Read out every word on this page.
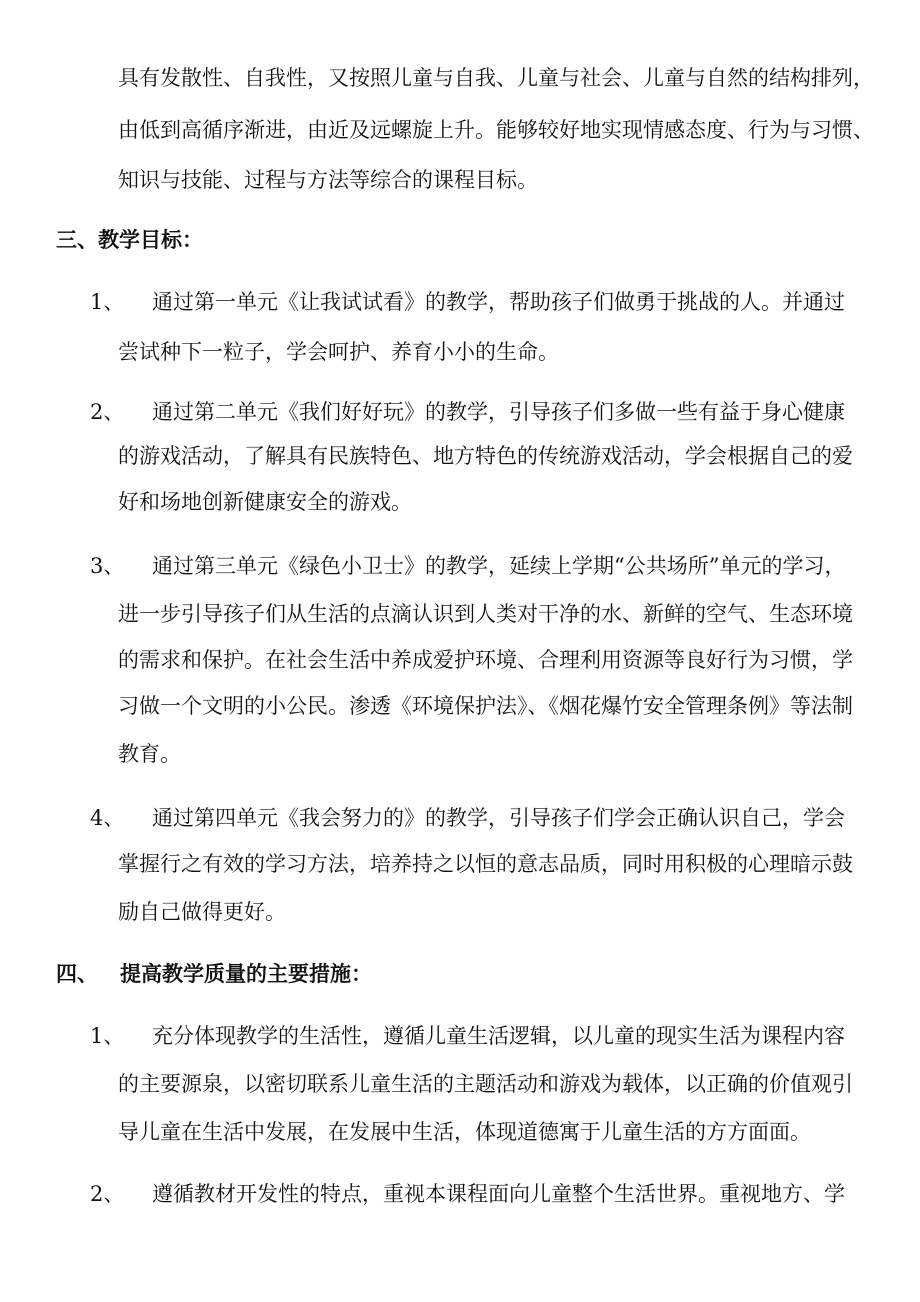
具有发散性、自我性，又按照儿童与自我、儿童与社会、儿童与自然的结构排列，
由低到高循序渐进，由近及远螺旋上升。能够较好地实现情感态度、行为与习惯、
知识与技能、过程与方法等综合的课程目标。
三、教学目标：
1、 通过第一单元《让我试试看》的教学，帮助孩子们做勇于挑战的人。并通过
尝试种下一粒子，学会呵护、养育小小的生命。
2、 通过第二单元《我们好好玩》的教学，引导孩子们多做一些有益于身心健康
的游戏活动，了解具有民族特色、地方特色的传统游戏活动，学会根据自己的爱
好和场地创新健康安全的游戏。
3、 通过第三单元《绿色小卫士》的教学，延续上学期“公共场所”单元的学习，
进一步引导孩子们从生活的点滴认识到人类对干净的水、新鲜的空气、生态环境
的需求和保护。在社会生活中养成爱护环境、合理利用资源等良好行为习惯，学
习做一个文明的小公民。渗透《环境保护法》、《烟花爆竹安全管理条例》等法制
教育。
4、 通过第四单元《我会努力的》的教学，引导孩子们学会正确认识自己，学会
掌握行之有效的学习方法，培养持之以恒的意志品质，同时用积极的心理暗示鼓
励自己做得更好。
四、 提高教学质量的主要措施：
1、 充分体现教学的生活性，遵循儿童生活逻辑，以儿童的现实生活为课程内容
的主要源泉，以密切联系儿童生活的主题活动和游戏为载体，以正确的价值观引
导儿童在生活中发展，在发展中生活，体现道德寓于儿童生活的方方面面。
2、 遵循教材开发性的特点，重视本课程面向儿童整个生活世界。重视地方、学
